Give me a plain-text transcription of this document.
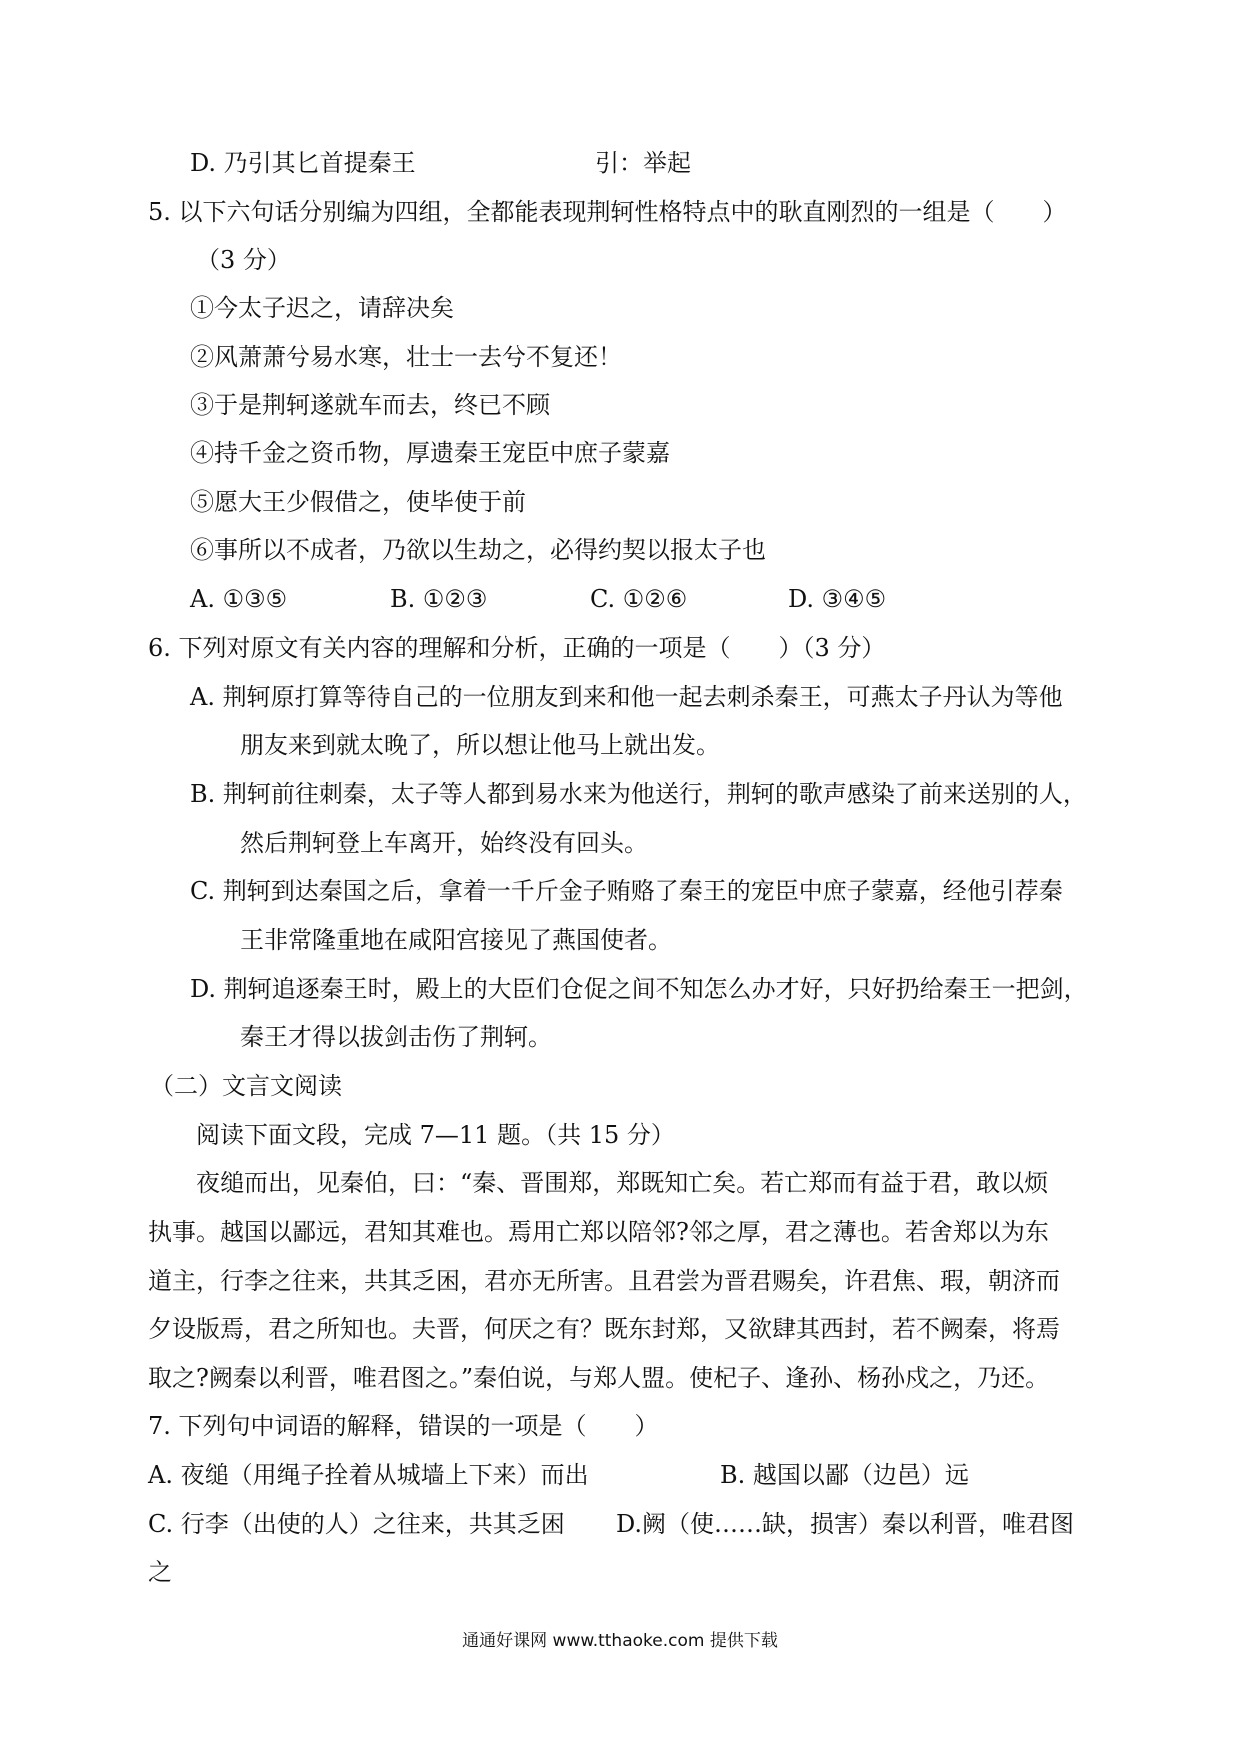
D. 乃引其匕首提秦王	引：举起
5. 以下六句话分别编为四组，全都能表现荆轲性格特点中的耿直刚烈的一组是（　　）
（3 分）
①今太子迟之，请辞决矣
②风萧萧兮易水寒，壮士一去兮不复还！
③于是荆轲遂就车而去，终已不顾
④持千金之资币物，厚遗秦王宠臣中庶子蒙嘉
⑤愿大王少假借之，使毕使于前
⑥事所以不成者，乃欲以生劫之，必得约契以报太子也
A. ①③⑤	B. ①②③	C. ①②⑥	D. ③④⑤
6. 下列对原文有关内容的理解和分析，正确的一项是（　　）（3 分）
A. 荆轲原打算等待自己的一位朋友到来和他一起去刺杀秦王，可燕太子丹认为等他
朋友来到就太晚了，所以想让他马上就出发。
B. 荆轲前往刺秦，太子等人都到易水来为他送行，荆轲的歌声感染了前来送别的人，
然后荆轲登上车离开，始终没有回头。
C. 荆轲到达秦国之后，拿着一千斤金子贿赂了秦王的宠臣中庶子蒙嘉，经他引荐秦
王非常隆重地在咸阳宫接见了燕国使者。
D. 荆轲追逐秦王时，殿上的大臣们仓促之间不知怎么办才好，只好扔给秦王一把剑，
秦王才得以拔剑击伤了荆轲。
（二）文言文阅读
阅读下面文段，完成 7—11 题。（共 15 分）
夜缒而出，见秦伯，曰：“秦、晋围郑，郑既知亡矣。若亡郑而有益于君，敢以烦
执事。越国以鄙远，君知其难也。焉用亡郑以陪邻?邻之厚，君之薄也。若舍郑以为东
道主，行李之往来，共其乏困，君亦无所害。且君尝为晋君赐矣，许君焦、瑕，朝济而
夕设版焉，君之所知也。夫晋，何厌之有？既东封郑，又欲肆其西封，若不阙秦，将焉
取之?阙秦以利晋，唯君图之。”秦伯说，与郑人盟。使杞子、逢孙、杨孙戍之，乃还。
7. 下列句中词语的解释，错误的一项是（　　）
A. 夜缒（用绳子拴着从城墙上下来）而出	B. 越国以鄙（边邑）远
C. 行李（出使的人）之往来，共其乏困 D.阙（使……缺，损害）秦以利晋，唯君图
之
通通好课网 www.tthaoke.com 提供下载
